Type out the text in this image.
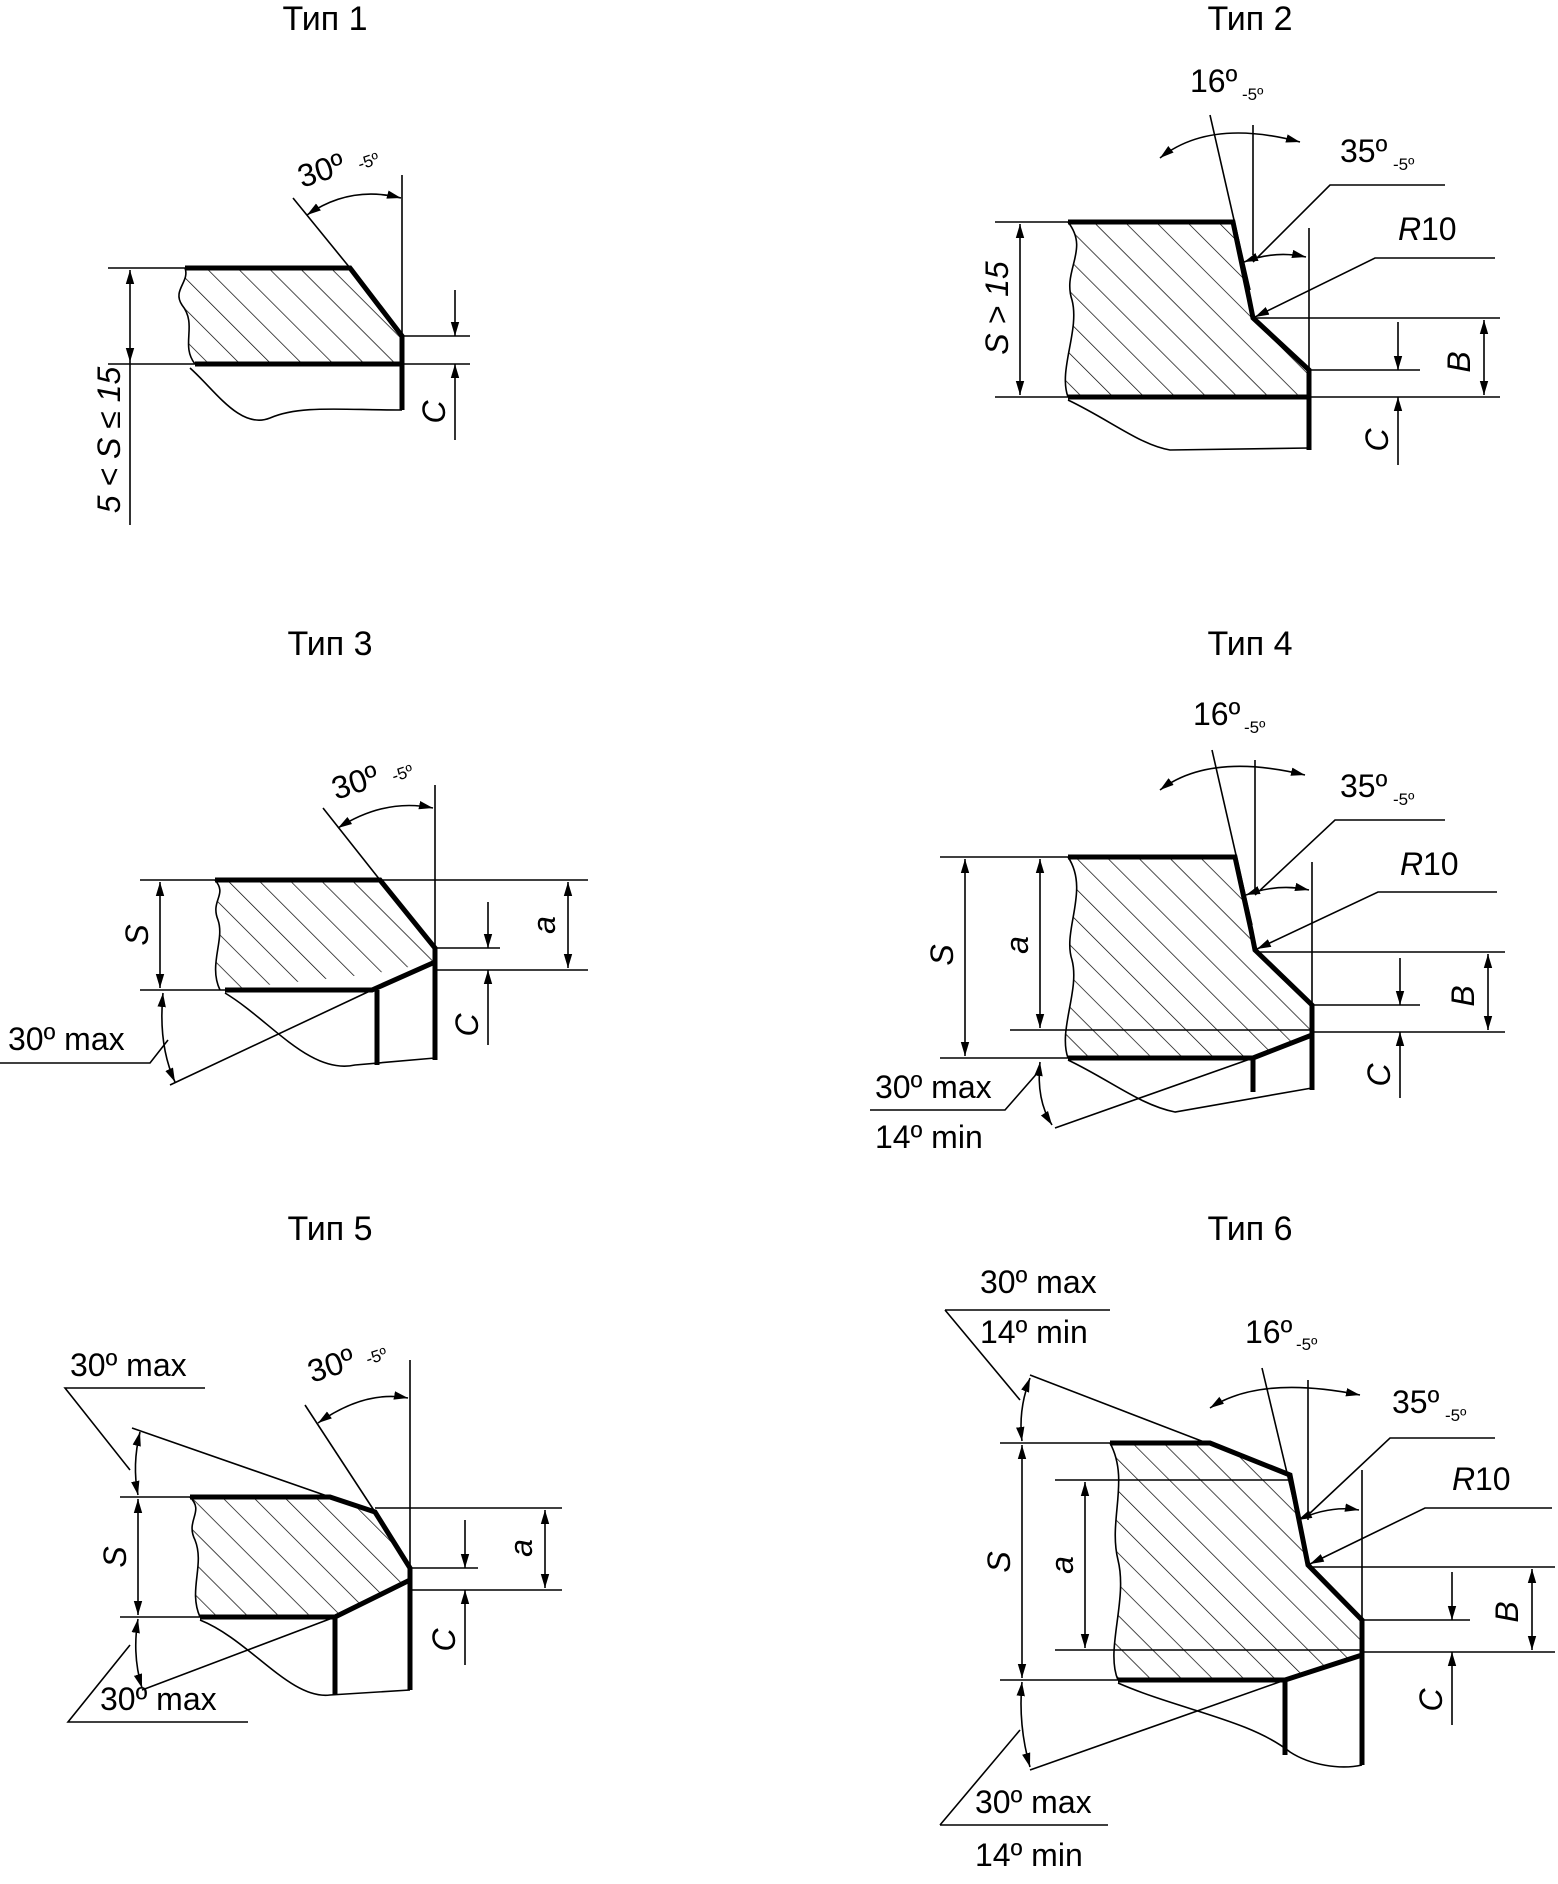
Тип 1
30º -5º
5 < S ≤ 15	C
Тип 2
16º -5º
35º -5º
R 10
S > 15
B
C
Тип 3
30º -5º
S	a
C
30º max
Тип 4
16º -5º
35º -5º
R 10
S a
B
C
30º max
14º min
Тип 5
30º -5º
S	a
C
30º max
30º max
Тип 6
16º -5º
35º -5º
R 10
S a
B
C
30º max
14º min
30º max
14º min
